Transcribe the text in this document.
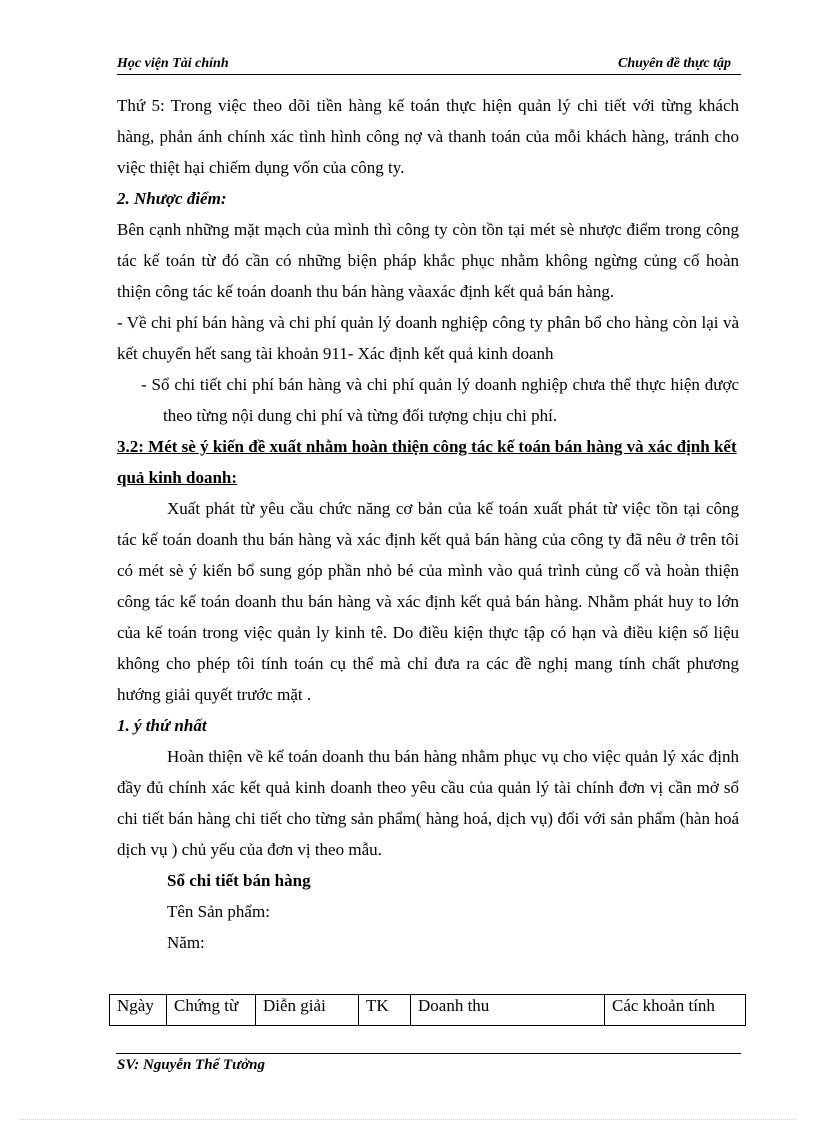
Học viện Tài chính	Chuyên đề thực tập

Thứ 5: Trong việc theo dõi tiền hàng kế toán thực hiện quản lý chi tiết với từng khách hàng, phản ánh chính xác tình hình công nợ và thanh toán của mỗi khách hàng, tránh cho việc thiệt hại chiếm dụng vốn của công ty.

2. Nhược điểm:

Bên cạnh những mặt mạch của mình thì công ty còn tồn tại mét sè nhược điểm trong công tác kế toán từ đó cần có những biện pháp khắc phục nhằm không ngừng củng cố hoàn thiện công tác kế toán doanh thu bán hàng vàaxác định kết quả bán hàng.

- Về chi phí bán hàng và chi phí quản lý doanh nghiệp công ty phân bổ cho hàng còn lại và kết chuyển hết sang tài khoản 911- Xác định kết quả kinh doanh

- Sổ chi tiết chi phí bán hàng và chi phí quản lý doanh nghiệp chưa thể thực hiện được theo từng nội dung chi phí và từng đối tượng chịu chi phí.

3.2: Mét sè ý kiến đề xuất nhằm hoàn thiện công tác kế toán bán hàng và xác định kết quả kinh doanh:

Xuất phát từ yêu cầu chức năng cơ bản của kế toán xuất phát từ việc tồn tại công tác kế toán doanh thu bán hàng và xác định kết quả bán hàng của công ty đã nêu ở trên tôi có mét sè ý kiến bổ sung góp phần nhỏ bé của mình vào quá trình củng cố và hoàn thiện công tác kế toán doanh thu bán hàng và xác định kết quả bán hàng. Nhằm phát huy to lớn của kế toán trong việc quản ly kinh tê. Do điều kiện thực tập có hạn và điều kiện số liệu không cho phép tôi tính toán cụ thể mà chỉ đưa ra các đề nghị mang tính chất phương hướng giải quyết trước mặt .

1. ý thứ nhất

Hoàn thiện về kế toán doanh thu bán hàng nhằm phục vụ cho việc quản lý xác định đầy đủ chính xác kết quả kinh doanh theo yêu cầu của quản lý tài chính đơn vị cần mở sổ chi tiết bán hàng chi tiết cho từng sản phẩm( hàng hoá, dịch vụ) đối với sản phẩm (hàn hoá dịch vụ ) chủ yếu của đơn vị theo mẫu.

Sổ chi tiết bán hàng
Tên Sản phẩm:
Năm:
Ngày	Chứng từ	Diễn giải	TK	Doanh thu	Các khoản tính
SV: Nguyễn Thế Tưởng
